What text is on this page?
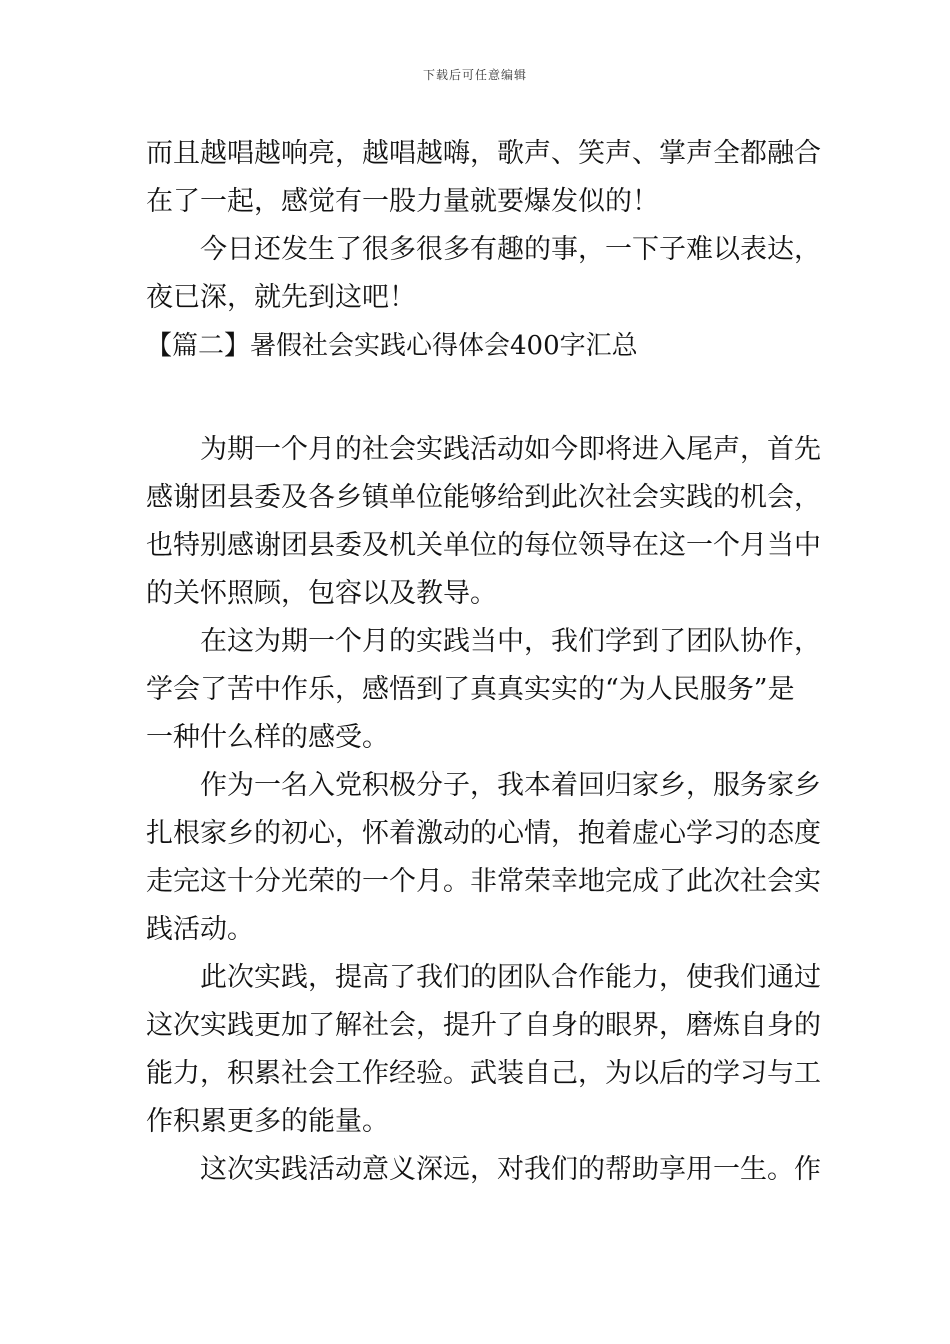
下载后可任意编辑
而且越唱越响亮，越唱越嗨，歌声、笑声、掌声全都融合
在了一起，感觉有一股力量就要爆发似的！
今日还发生了很多很多有趣的事，一下子难以表达，
夜已深，就先到这吧！
【篇二】暑假社会实践心得体会400字汇总
为期一个月的社会实践活动如今即将进入尾声，首先
感谢团县委及各乡镇单位能够给到此次社会实践的机会，
也特别感谢团县委及机关单位的每位领导在这一个月当中
的关怀照顾，包容以及教导。
在这为期一个月的实践当中，我们学到了团队协作，
学会了苦中作乐，感悟到了真真实实的“为人民服务”是
一种什么样的感受。
作为一名入党积极分子，我本着回归家乡，服务家乡
扎根家乡的初心，怀着激动的心情，抱着虚心学习的态度
走完这十分光荣的一个月。非常荣幸地完成了此次社会实
践活动。
此次实践，提高了我们的团队合作能力，使我们通过
这次实践更加了解社会，提升了自身的眼界，磨炼自身的
能力，积累社会工作经验。武装自己，为以后的学习与工
作积累更多的能量。
这次实践活动意义深远，对我们的帮助享用一生。作
